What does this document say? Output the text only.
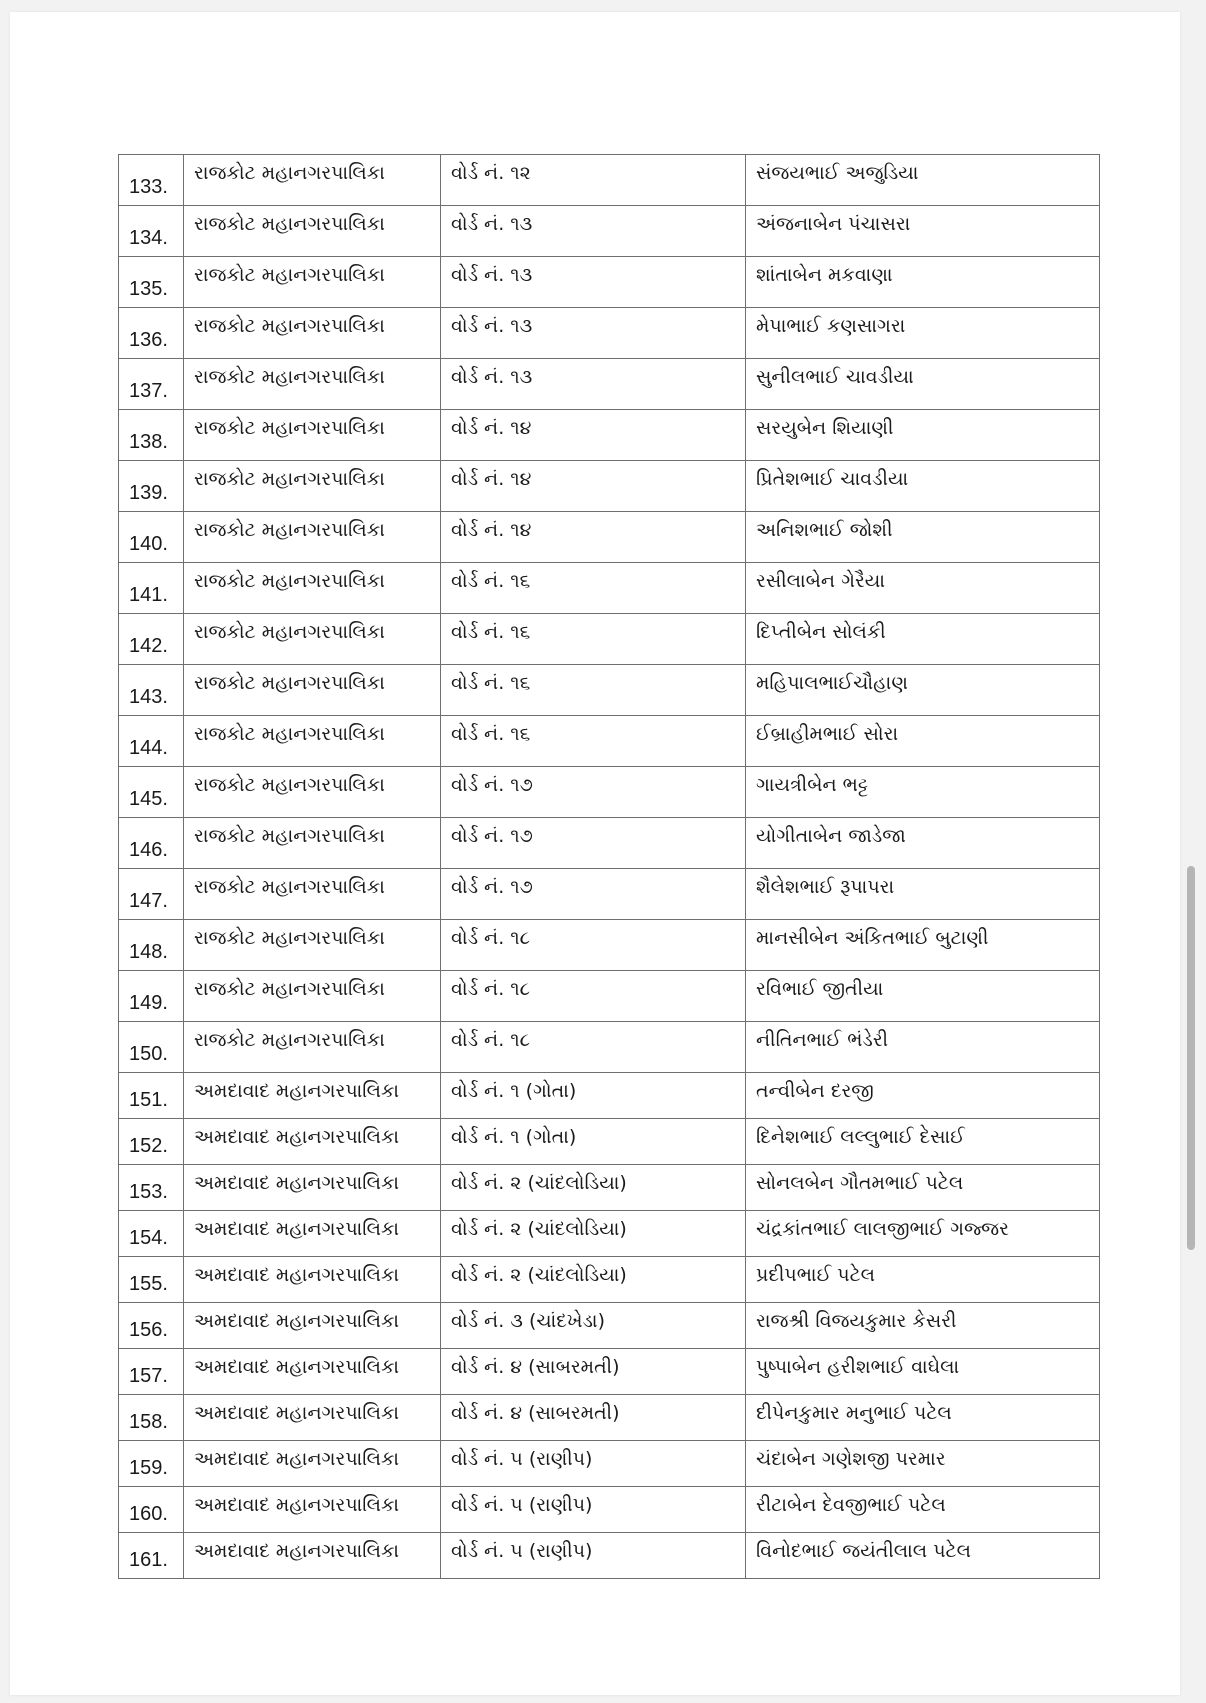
133.	રાજકોટ મહાનગરપાલિકા	વોર્ડ નં. ૧૨	સંજયભાઈ અજુડિયા
134.	રાજકોટ મહાનગરપાલિકા	વોર્ડ નં. ૧૩	અંજનાબેન પંચાસરા
135.	રાજકોટ મહાનગરપાલિકા	વોર્ડ નં. ૧૩	શાંતાબેન મકવાણા
136.	રાજકોટ મહાનગરપાલિકા	વોર્ડ નં. ૧૩	મેપાભાઈ કણસાગરા
137.	રાજકોટ મહાનગરપાલિકા	વોર્ડ નં. ૧૩	સુનીલભાઈ ચાવડીયા
138.	રાજકોટ મહાનગરપાલિકા	વોર્ડ નં. ૧૪	સરયુબેન શિયાણી
139.	રાજકોટ મહાનગરપાલિકા	વોર્ડ નં. ૧૪	પ્રિતેશભાઈ ચાવડીયા
140.	રાજકોટ મહાનગરપાલિકા	વોર્ડ નં. ૧૪	અનિશભાઈ જોશી
141.	રાજકોટ મહાનગરપાલિકા	વોર્ડ નં. ૧૬	રસીલાબેન ગેરૈયા
142.	રાજકોટ મહાનગરપાલિકા	વોર્ડ નં. ૧૬	દિપ્તીબેન સોલંકી
143.	રાજકોટ મહાનગરપાલિકા	વોર્ડ નં. ૧૬	મહિપાલભાઈચૌહાણ
144.	રાજકોટ મહાનગરપાલિકા	વોર્ડ નં. ૧૬	ઈબ્રાહીમભાઈ સોરા
145.	રાજકોટ મહાનગરપાલિકા	વોર્ડ નં. ૧૭	ગાયત્રીબેન ભટ્ટ
146.	રાજકોટ મહાનગરપાલિકા	વોર્ડ નં. ૧૭	યોગીતાબેન જાડેજા
147.	રાજકોટ મહાનગરપાલિકા	વોર્ડ નં. ૧૭	શૈલેશભાઈ રૂપાપરા
148.	રાજકોટ મહાનગરપાલિકા	વોર્ડ નં. ૧૮	માનસીબેન અંકિતભાઈ બુટાણી
149.	રાજકોટ મહાનગરપાલિકા	વોર્ડ નં. ૧૮	રવિભાઈ જીતીયા
150.	રાજકોટ મહાનગરપાલિકા	વોર્ડ નં. ૧૮	નીતિનભાઈ ભંડેરી
151.	અમદાવાદ મહાનગરપાલિકા	વોર્ડ નં. ૧ (ગોતા)	તન્વીબેન દરજી
152.	અમદાવાદ મહાનગરપાલિકા	વોર્ડ નં. ૧ (ગોતા)	દિનેશભાઈ લલ્લુભાઈ દેસાઈ
153.	અમદાવાદ મહાનગરપાલિકા	વોર્ડ નં. ૨ (ચાંદલોડિયા)	સોનલબેન ગૌતમભાઈ પટેલ
154.	અમદાવાદ મહાનગરપાલિકા	વોર્ડ નં. ૨ (ચાંદલોડિયા)	ચંદ્રકાંતભાઈ લાલજીભાઈ ગજ્જર
155.	અમદાવાદ મહાનગરપાલિકા	વોર્ડ નં. ૨ (ચાંદલોડિયા)	પ્રદીપભાઈ પટેલ
156.	અમદાવાદ મહાનગરપાલિકા	વોર્ડ નં. ૩ (ચાંદખેડા)	રાજશ્રી વિજયકુમાર કેસરી
157.	અમદાવાદ મહાનગરપાલિકા	વોર્ડ નં. ૪ (સાબરમતી)	પુષ્પાબેન હરીશભાઈ વાઘેલા
158.	અમદાવાદ મહાનગરપાલિકા	વોર્ડ નં. ૪ (સાબરમતી)	દીપેનકુમાર મનુભાઈ પટેલ
159.	અમદાવાદ મહાનગરપાલિકા	વોર્ડ નં. ૫ (રાણીપ)	ચંદાબેન ગણેશજી પરમાર
160.	અમદાવાદ મહાનગરપાલિકા	વોર્ડ નં. ૫ (રાણીપ)	રીટાબેન દેવજીભાઈ પટેલ
161.	અમદાવાદ મહાનગરપાલિકા	વોર્ડ નં. ૫ (રાણીપ)	વિનોદભાઈ જયંતીલાલ પટેલ
